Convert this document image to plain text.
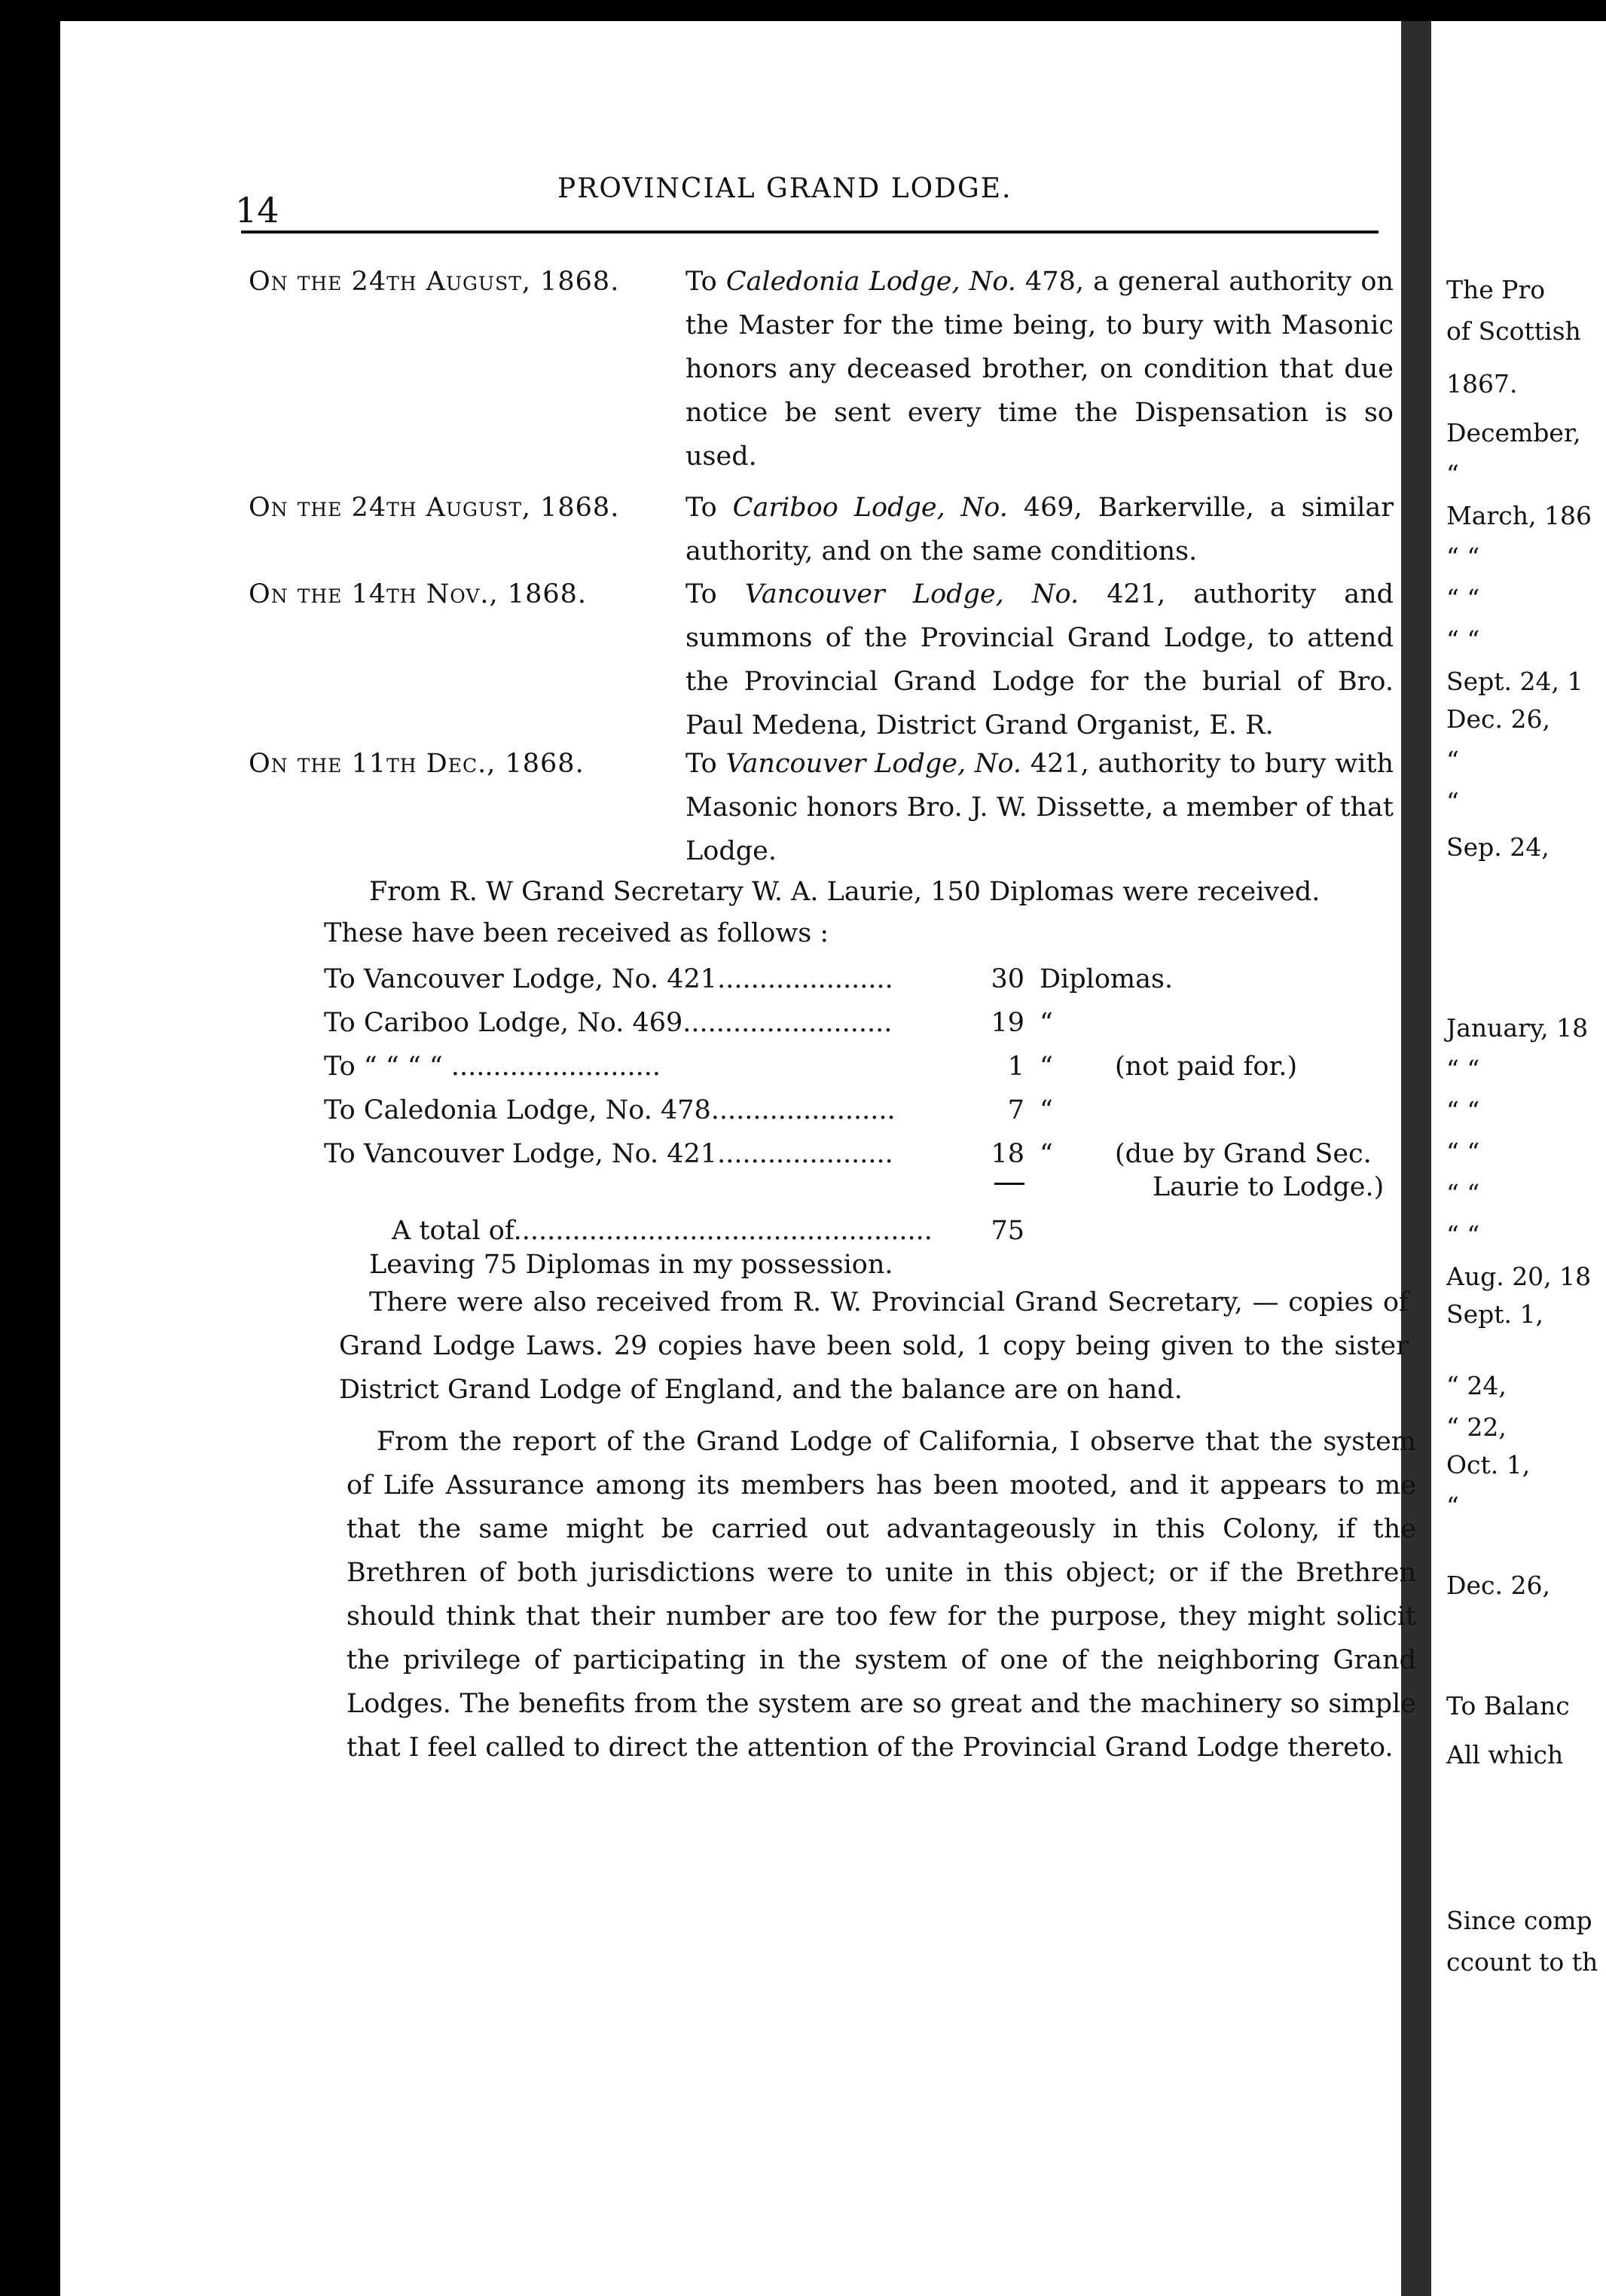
The Pro
of Scottish
1867.
December,
“
March, 186
“ “
“ “
“ “
Sept. 24, 1
Dec. 26,
“
“
Sep. 24,
January, 18
“ “
“ “
“ “
“ “
“ “
Aug. 20, 18
Sept. 1,
“ 24,
“ 22,
Oct. 1,
“
Dec. 26,
To Balanc
All which
Since comp
ccount to th
14
PROVINCIAL GRAND LODGE.
On the 24th August, 1868.	To Caledonia Lodge, No. 478, a general authority on the Master for the time being, to bury with Masonic honors any deceased brother, on condition that due notice be sent every time the Dispensation is so used.
On the 24th August, 1868.	To Cariboo Lodge, No. 469, Barkerville, a similar authority, and on the same conditions.
On the 14th Nov., 1868.	To Vancouver Lodge, No. 421, authority and summons of the Provincial Grand Lodge, to attend the Provincial Grand Lodge for the burial of Bro. Paul Medena, District Grand Organist, E. R.
On the 11th Dec., 1868.	To Vancouver Lodge, No. 421, authority to bury with Masonic honors Bro. J. W. Dissette, a member of that Lodge.
From R. W Grand Secretary W. A. Laurie, 150 Diplomas were received.
These have been received as follows :
To Vancouver Lodge, No. 421.....................	30 Diplomas.
To Cariboo Lodge, No. 469.........................	19 “
To “ “ “ “ .........................	1 “ (not paid for.)
To Caledonia Lodge, No. 478......................	7 “
To Vancouver Lodge, No. 421.....................	18 “ (due by Grand Sec.
Laurie to Lodge.)
A total of..................................................	75
Leaving 75 Diplomas in my possession.
There were also received from R. W. Provincial Grand Secretary, — copies of Grand Lodge Laws. 29 copies have been sold, 1 copy being given to the sister District Grand Lodge of England, and the balance are on hand.
From the report of the Grand Lodge of California, I observe that the system of Life Assurance among its members has been mooted, and it appears to me that the same might be carried out advantageously in this Colony, if the Brethren of both jurisdictions were to unite in this object; or if the Brethren should think that their number are too few for the purpose, they might solicit the privilege of participating in the system of one of the neighboring Grand Lodges. The benefits from the system are so great and the machinery so simple that I feel called to direct the attention of the Provincial Grand Lodge thereto.
